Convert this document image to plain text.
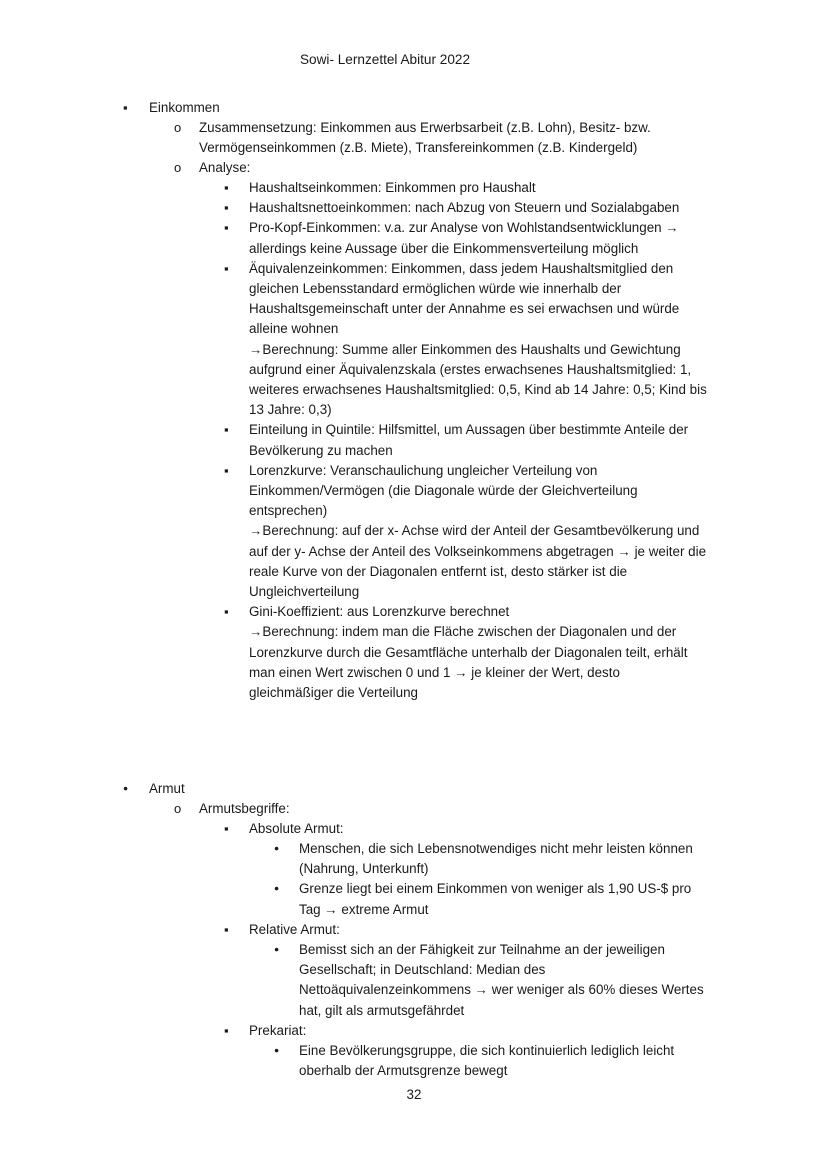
Sowi- Lernzettel Abitur 2022
▪
Einkommen
o
Zusammensetzung: Einkommen aus Erwerbsarbeit (z.B. Lohn), Besitz- bzw.
Vermögenseinkommen (z.B. Miete), Transfereinkommen (z.B. Kindergeld)
o
Analyse:
▪
Haushaltseinkommen: Einkommen pro Haushalt
▪
Haushaltsnettoeinkommen: nach Abzug von Steuern und Sozialabgaben
▪
Pro-Kopf-Einkommen: v.a. zur Analyse von Wohlstandsentwicklungen →
allerdings keine Aussage über die Einkommensverteilung möglich
▪
Äquivalenzeinkommen: Einkommen, dass jedem Haushaltsmitglied den
gleichen Lebensstandard ermöglichen würde wie innerhalb der
Haushaltsgemeinschaft unter der Annahme es sei erwachsen und würde
alleine wohnen
→Berechnung: Summe aller Einkommen des Haushalts und Gewichtung
aufgrund einer Äquivalenzskala (erstes erwachsenes Haushaltsmitglied: 1,
weiteres erwachsenes Haushaltsmitglied: 0,5, Kind ab 14 Jahre: 0,5; Kind bis
13 Jahre: 0,3)
▪
Einteilung in Quintile: Hilfsmittel, um Aussagen über bestimmte Anteile der
Bevölkerung zu machen
▪
Lorenzkurve: Veranschaulichung ungleicher Verteilung von
Einkommen/Vermögen (die Diagonale würde der Gleichverteilung
entsprechen)
→Berechnung: auf der x- Achse wird der Anteil der Gesamtbevölkerung und
auf der y- Achse der Anteil des Volkseinkommens abgetragen → je weiter die
reale Kurve von der Diagonalen entfernt ist, desto stärker ist die
Ungleichverteilung
▪
Gini-Koeffizient: aus Lorenzkurve berechnet
→Berechnung: indem man die Fläche zwischen der Diagonalen und der
Lorenzkurve durch die Gesamtfläche unterhalb der Diagonalen teilt, erhält
man einen Wert zwischen 0 und 1 → je kleiner der Wert, desto
gleichmäßiger die Verteilung
●
Armut
o
Armutsbegriffe:
▪
Absolute Armut:
●
Menschen, die sich Lebensnotwendiges nicht mehr leisten können
(Nahrung, Unterkunft)
●
Grenze liegt bei einem Einkommen von weniger als 1,90 US-$ pro
Tag → extreme Armut
▪
Relative Armut:
●
Bemisst sich an der Fähigkeit zur Teilnahme an der jeweiligen
Gesellschaft; in Deutschland: Median des
Nettoäquivalenzeinkommens → wer weniger als 60% dieses Wertes
hat, gilt als armutsgefährdet
▪
Prekariat:
●
Eine Bevölkerungsgruppe, die sich kontinuierlich lediglich leicht
oberhalb der Armutsgrenze bewegt
32
